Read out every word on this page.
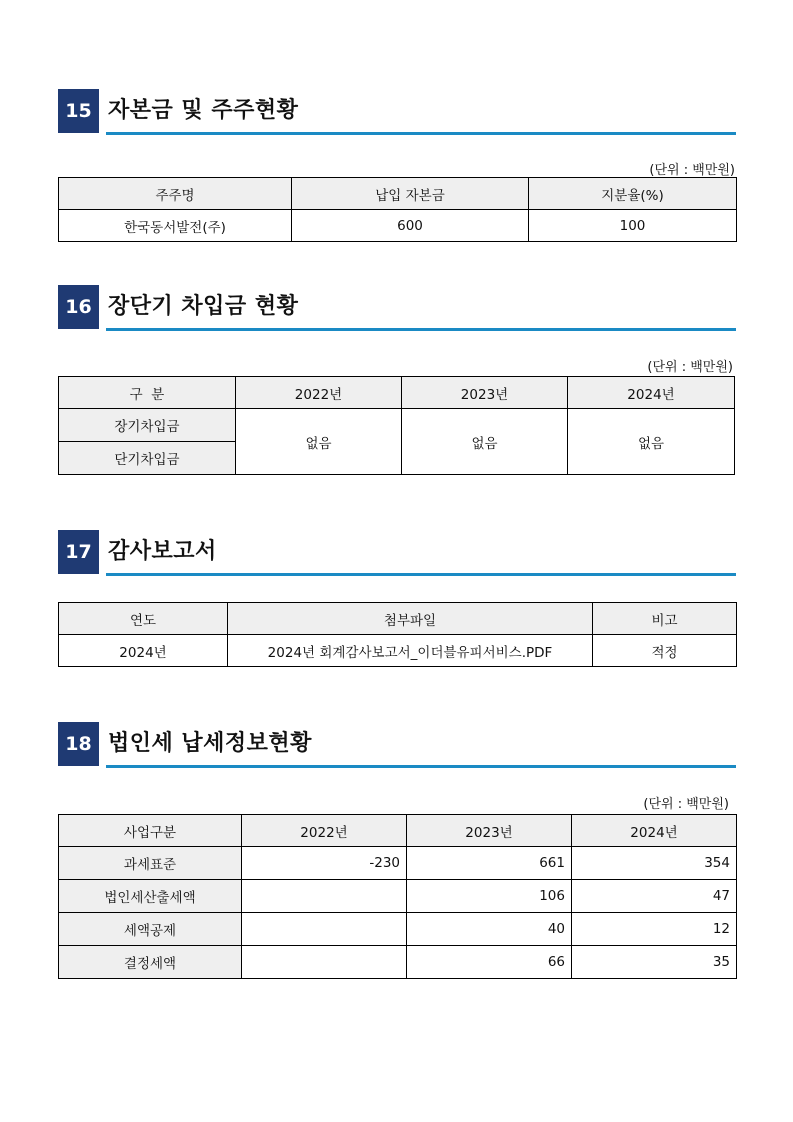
15 자본금 및 주주현황
(단위 : 백만원)
주주명	납입 자본금	지분율(%)
한국동서발전(주)	600	100
16 장단기 차입금 현황
(단위 : 백만원)
구  분	2022년	2023년	2024년
장기차입금	없음	없음	없음
단기차입금			
17 감사보고서
연도	첨부파일	비고
2024년	2024년 회계감사보고서_이더블유피서비스.PDF	적정
18 법인세 납세정보현황
(단위 : 백만원)
사업구분	2022년	2023년	2024년
과세표준	-230	661	354
법인세산출세액		106	47
세액공제		40	12
결정세액		66	35
